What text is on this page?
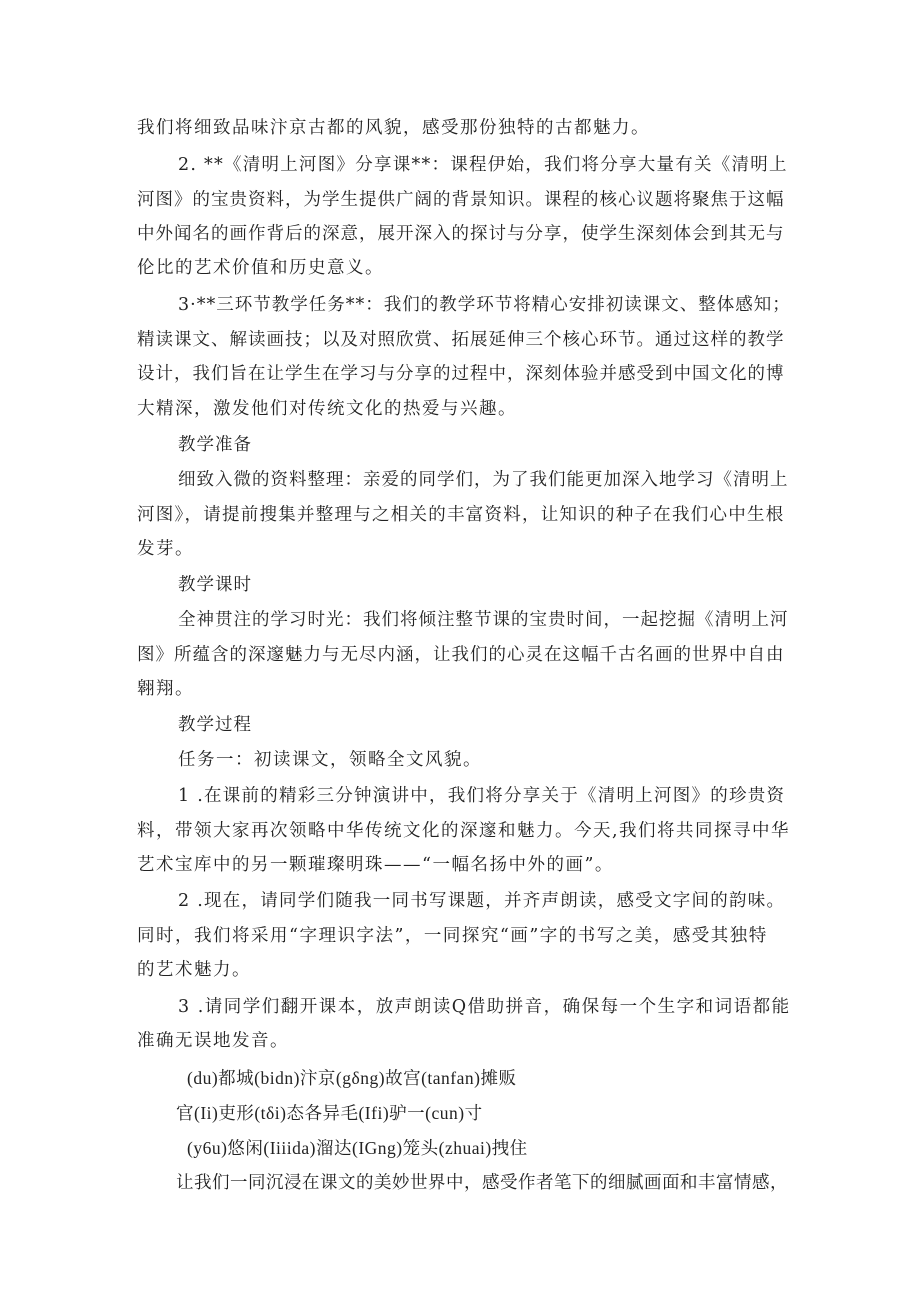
我们将细致品味汴京古都的风貌，感受那份独特的古都魅力。
2. **《清明上河图》分享课**：课程伊始，我们将分享大量有关《清明上
河图》的宝贵资料，为学生提供广阔的背景知识。课程的核心议题将聚焦于这幅
中外闻名的画作背后的深意，展开深入的探讨与分享，使学生深刻体会到其无与
伦比的艺术价值和历史意义。
3·**三环节教学任务**：我们的教学环节将精心安排初读课文、整体感知；
精读课文、解读画技；以及对照欣赏、拓展延伸三个核心环节。通过这样的教学
设计，我们旨在让学生在学习与分享的过程中，深刻体验并感受到中国文化的博
大精深，激发他们对传统文化的热爱与兴趣。
教学准备
细致入微的资料整理：亲爱的同学们，为了我们能更加深入地学习《清明上
河图》，请提前搜集并整理与之相关的丰富资料，让知识的种子在我们心中生根
发芽。
教学课时
全神贯注的学习时光：我们将倾注整节课的宝贵时间，一起挖掘《清明上河
图》所蕴含的深邃魅力与无尽内涵，让我们的心灵在这幅千古名画的世界中自由
翱翔。
教学过程
任务一：初读课文，领略全文风貌。
1 .在课前的精彩三分钟演讲中，我们将分享关于《清明上河图》的珍贵资
料，带领大家再次领略中华传统文化的深邃和魅力。今天,我们将共同探寻中华
艺术宝库中的另一颗璀璨明珠——“一幅名扬中外的画”。
2 .现在，请同学们随我一同书写课题，并齐声朗读，感受文字间的韵味。
同时，我们将采用“字理识字法”，一同探究“画”字的书写之美，感受其独特
的艺术魅力。
3 .请同学们翻开课本，放声朗读Q借助拼音，确保每一个生字和词语都能
准确无误地发音。
(du)都城(bidn)汴京(gδng)故宫(tanfan)摊贩
官(Ii)吏形(tδi)态各异毛(Ifi)驴一(cun)寸
(y6u)悠闲(Iiiida)溜达(IGng)笼头(zhuai)拽住
让我们一同沉浸在课文的美妙世界中，感受作者笔下的细腻画面和丰富情感，
